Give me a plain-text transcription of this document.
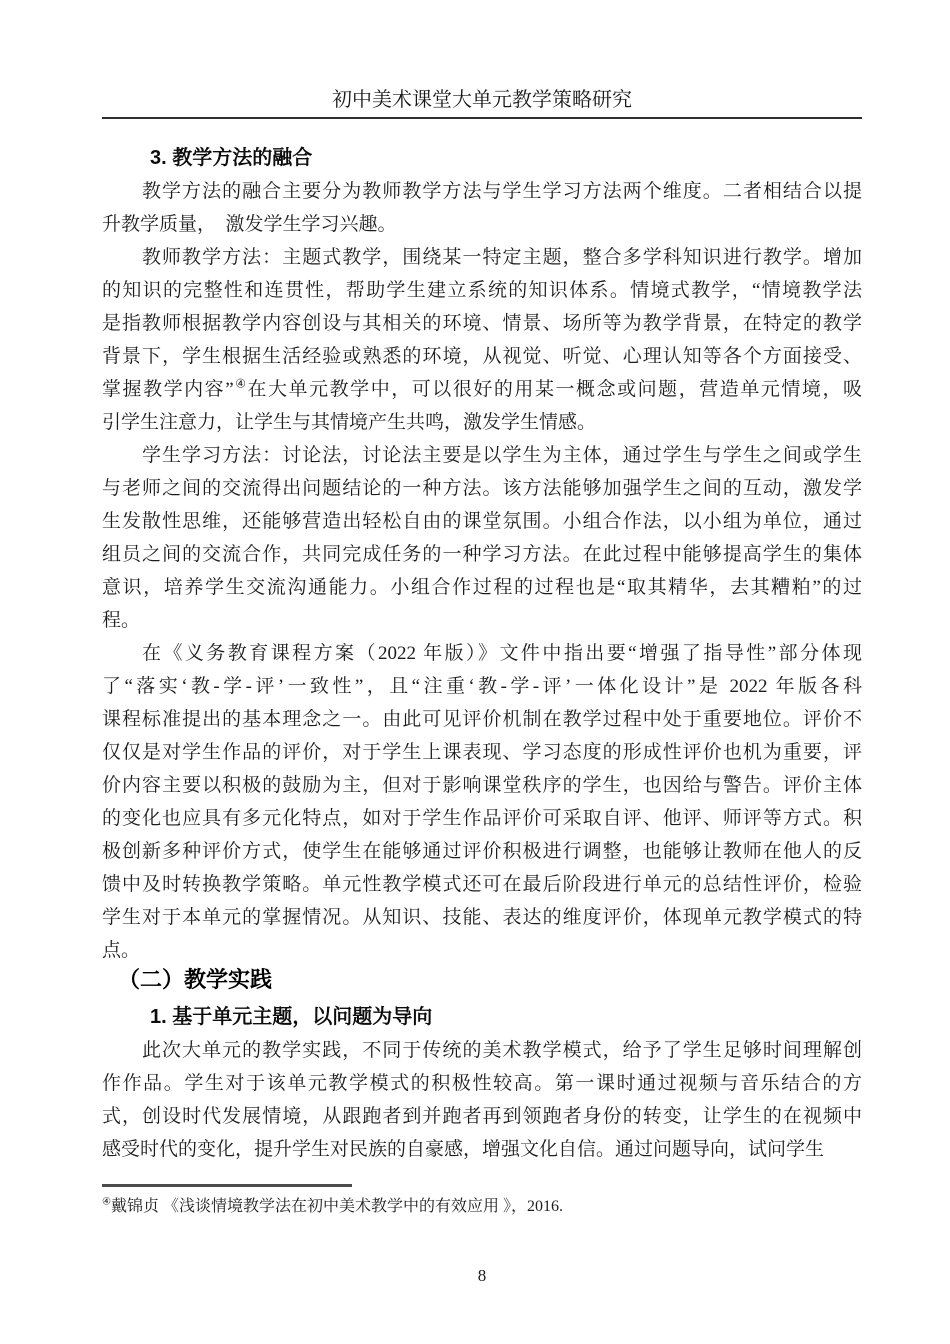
初中美术课堂大单元教学策略研究
3. 教学方法的融合
教学方法的融合主要分为教师教学方法与学生学习方法两个维度。二者相结合以提
升教学质量，　激发学生学习兴趣。
教师教学方法：主题式教学，围绕某一特定主题，整合多学科知识进行教学。增加
的知识的完整性和连贯性，帮助学生建立系统的知识体系。情境式教学，“情境教学法
是指教师根据教学内容创设与其相关的环境、情景、场所等为教学背景，在特定的教学
背景下，学生根据生活经验或熟悉的环境，从视觉、听觉、心理认知等各个方面接受、
掌握教学内容”④在大单元教学中，可以很好的用某一概念或问题，营造单元情境，吸
引学生注意力，让学生与其情境产生共鸣，激发学生情感。
学生学习方法：讨论法，讨论法主要是以学生为主体，通过学生与学生之间或学生
与老师之间的交流得出问题结论的一种方法。该方法能够加强学生之间的互动，激发学
生发散性思维，还能够营造出轻松自由的课堂氛围。小组合作法，以小组为单位，通过
组员之间的交流合作，共同完成任务的一种学习方法。在此过程中能够提高学生的集体
意识，培养学生交流沟通能力。小组合作过程的过程也是“取其精华，去其糟粕”的过
程。
在《义务教育课程方案（2022 年版）》文件中指出要“增强了指导性”部分体现
了“落实‘教-学-评’一致性”，且“注重‘教-学-评’一体化设计”是 2022 年版各科
课程标准提出的基本理念之一。由此可见评价机制在教学过程中处于重要地位。评价不
仅仅是对学生作品的评价，对于学生上课表现、学习态度的形成性评价也机为重要，评
价内容主要以积极的鼓励为主，但对于影响课堂秩序的学生，也因给与警告。评价主体
的变化也应具有多元化特点，如对于学生作品评价可采取自评、他评、师评等方式。积
极创新多种评价方式，使学生在能够通过评价积极进行调整，也能够让教师在他人的反
馈中及时转换教学策略。单元性教学模式还可在最后阶段进行单元的总结性评价，检验
学生对于本单元的掌握情况。从知识、技能、表达的维度评价，体现单元教学模式的特
点。
（二）教学实践
1. 基于单元主题，以问题为导向
此次大单元的教学实践，不同于传统的美术教学模式，给予了学生足够时间理解创
作作品。学生对于该单元教学模式的积极性较高。第一课时通过视频与音乐结合的方
式，创设时代发展情境，从跟跑者到并跑者再到领跑者身份的转变，让学生的在视频中
感受时代的变化，提升学生对民族的自豪感，增强文化自信。通过问题导向，试问学生
④戴锦贞 《浅谈情境教学法在初中美术教学中的有效应用 》，2016.
8
